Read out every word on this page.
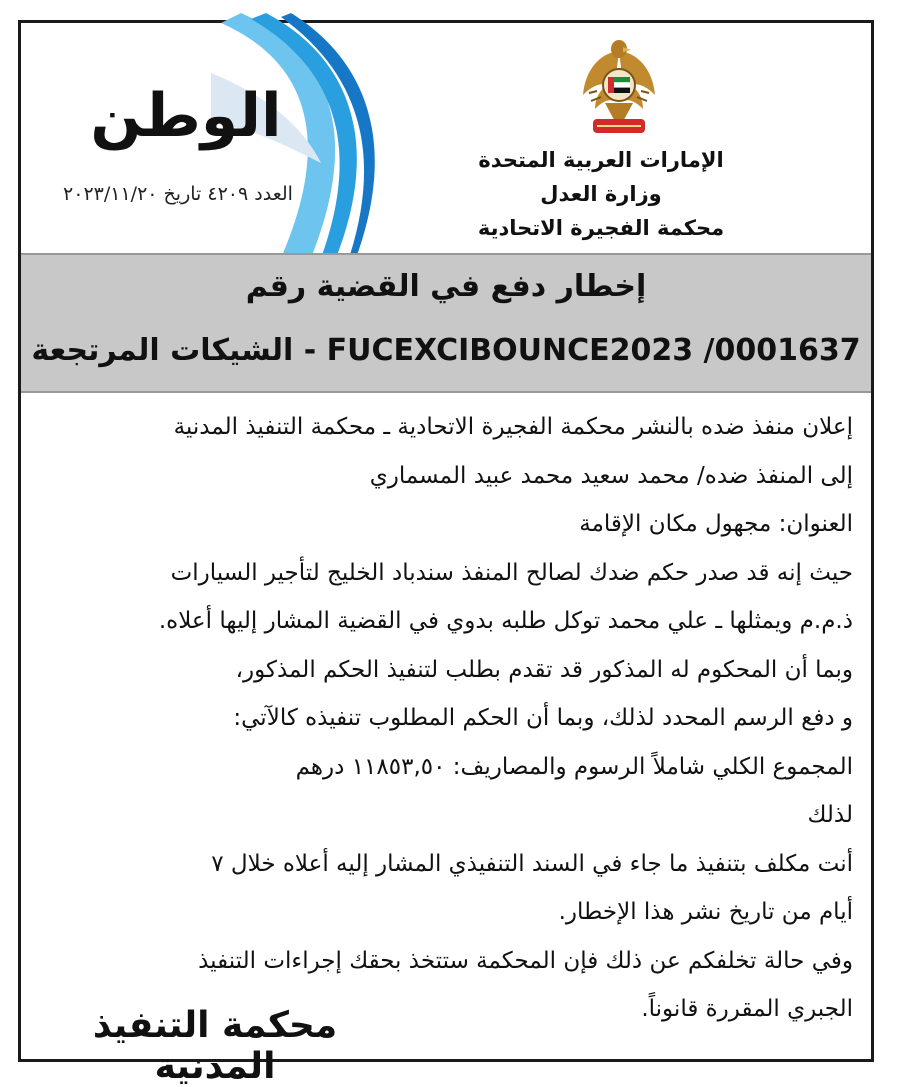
الإمارات العربية المتحدة
وزارة العدل
محكمة الفجيرة الاتحادية
الوطن
العدد ٤٢٠٩ تاريخ ٢٠٢٣/١١/٢٠
إخطار دفع في القضية رقم
FUCEXCIBOUNCE2023 /0001637 - الشيكات المرتجعة

إعلان منفذ ضده بالنشر محكمة الفجيرة الاتحادية ـ محكمة التنفيذ المدنية

إلى المنفذ ضده/ محمد سعيد محمد عبيد المسماري

العنوان: مجهول مكان الإقامة

حيث إنه قد صدر حكم ضدك لصالح المنفذ سندباد الخليج لتأجير السيارات

ذ.م.م ويمثلها ـ علي محمد توكل طلبه بدوي في القضية المشار إليها أعلاه.

وبما أن المحكوم له المذكور قد تقدم بطلب لتنفيذ الحكم المذكور،

و دفع الرسم المحدد لذلك، وبما أن الحكم المطلوب تنفيذه كالآتي:

المجموع الكلي شاملاً الرسوم والمصاريف: ١١٨٥٣,٥٠ درهم

لذلك

أنت مكلف بتنفيذ ما جاء في السند التنفيذي المشار إليه أعلاه خلال ٧

أيام من تاريخ نشر هذا الإخطار.

وفي حالة تخلفكم عن ذلك فإن المحكمة ستتخذ بحقك إجراءات التنفيذ

الجبري المقررة قانوناً.

محكمة التنفيذ المدنية
